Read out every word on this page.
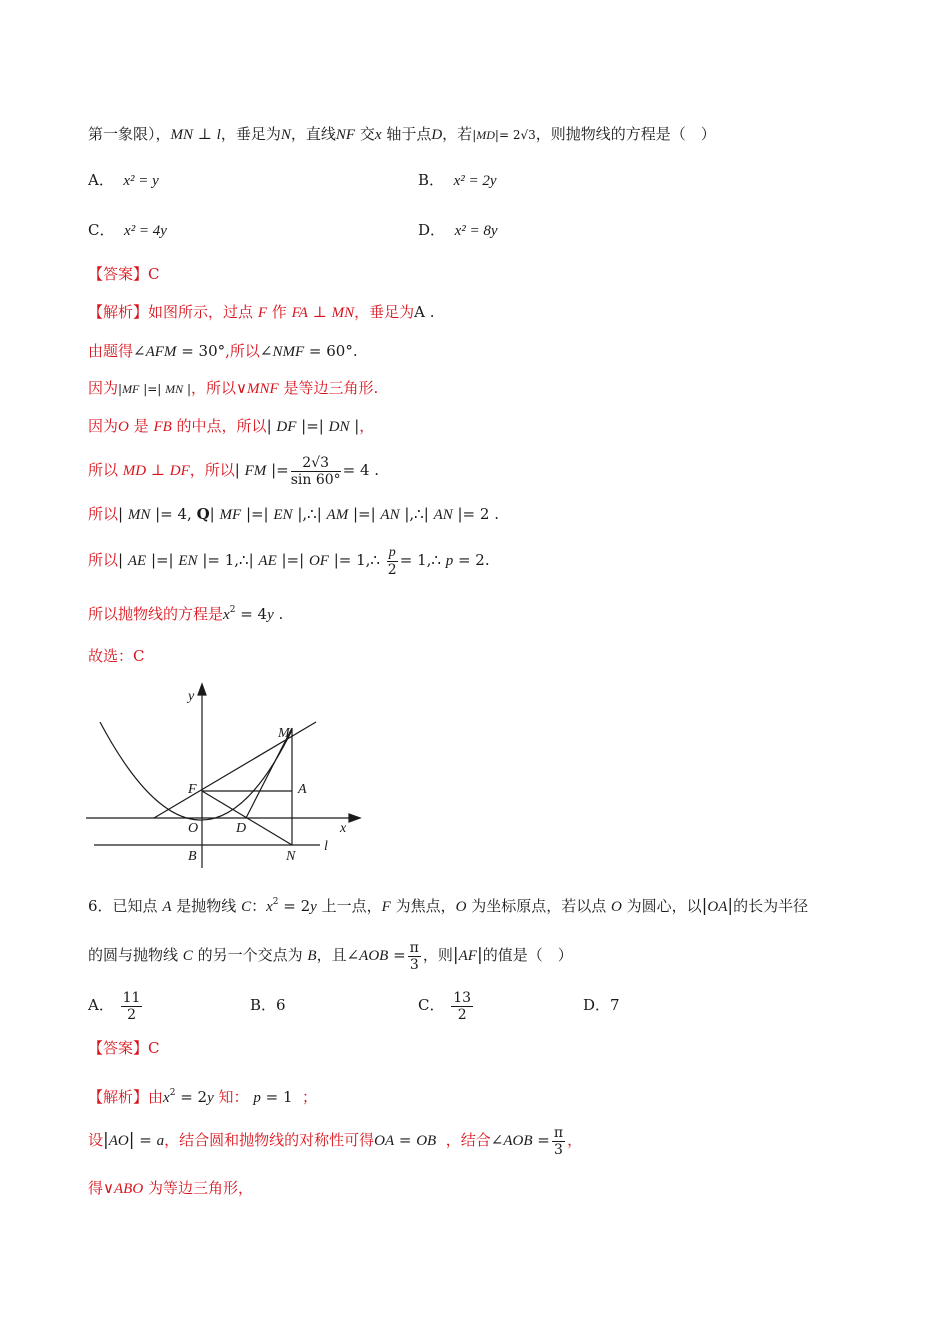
第一象限），MN ⊥ l，垂足为N，直线NF 交x 轴于点D，若|MD|= 2√3，则抛物线的方程是（　）
A． x² = y	B． x² = 2y
C． x² = 4y	D． x² = 8y
【答案】C
【解析】如图所示，过点 F 作 FA ⊥ MN，垂足为A .
由题得∠AFM = 30°,所以∠NMF = 60°.
因为|MF |=| MN |，所以∨MNF 是等边三角形.
因为O 是 FB 的中点，所以| DF |=| DN |，
所以 MD ⊥ DF，所以| FM |= $\frac{2√3}{\sin 60^\circ} = 4$ .
所以| MN |= 4, Q| MF |=| EN |,∴| AM |=| AN |,∴| AN |= 2 .
所以| AE |=| EN |= 1,∴| AE |=| OF |= 1,∴ $\frac{p}{2}$ = 1,∴ p = 2.
所以抛物线的方程是$x^2 = 4y$ .
故选：C
y
x
M
F	A
O	D
B	N
l
6．已知点 A 是抛物线 C：$x^2 = 2y$ 上一点，F 为焦点，O 为坐标原点，若以点 O 为圆心，以|OA|的长为半径
的圆与抛物线 C 的另一个交点为 B，且∠AOB = $\frac{\pi}{3}$ ，则|AF|的值是（　）
A． $\frac{11}{2}$	B．6	C． $\frac{13}{2}$	D．7
【答案】C
【解析】由$x^2 = 2y$ 知： p = 1 ；
设|AO| = a，结合圆和抛物线的对称性可得OA = OB ，结合∠AOB = $\frac{\pi}{3}$ ，
得∨ABO 为等边三角形，
